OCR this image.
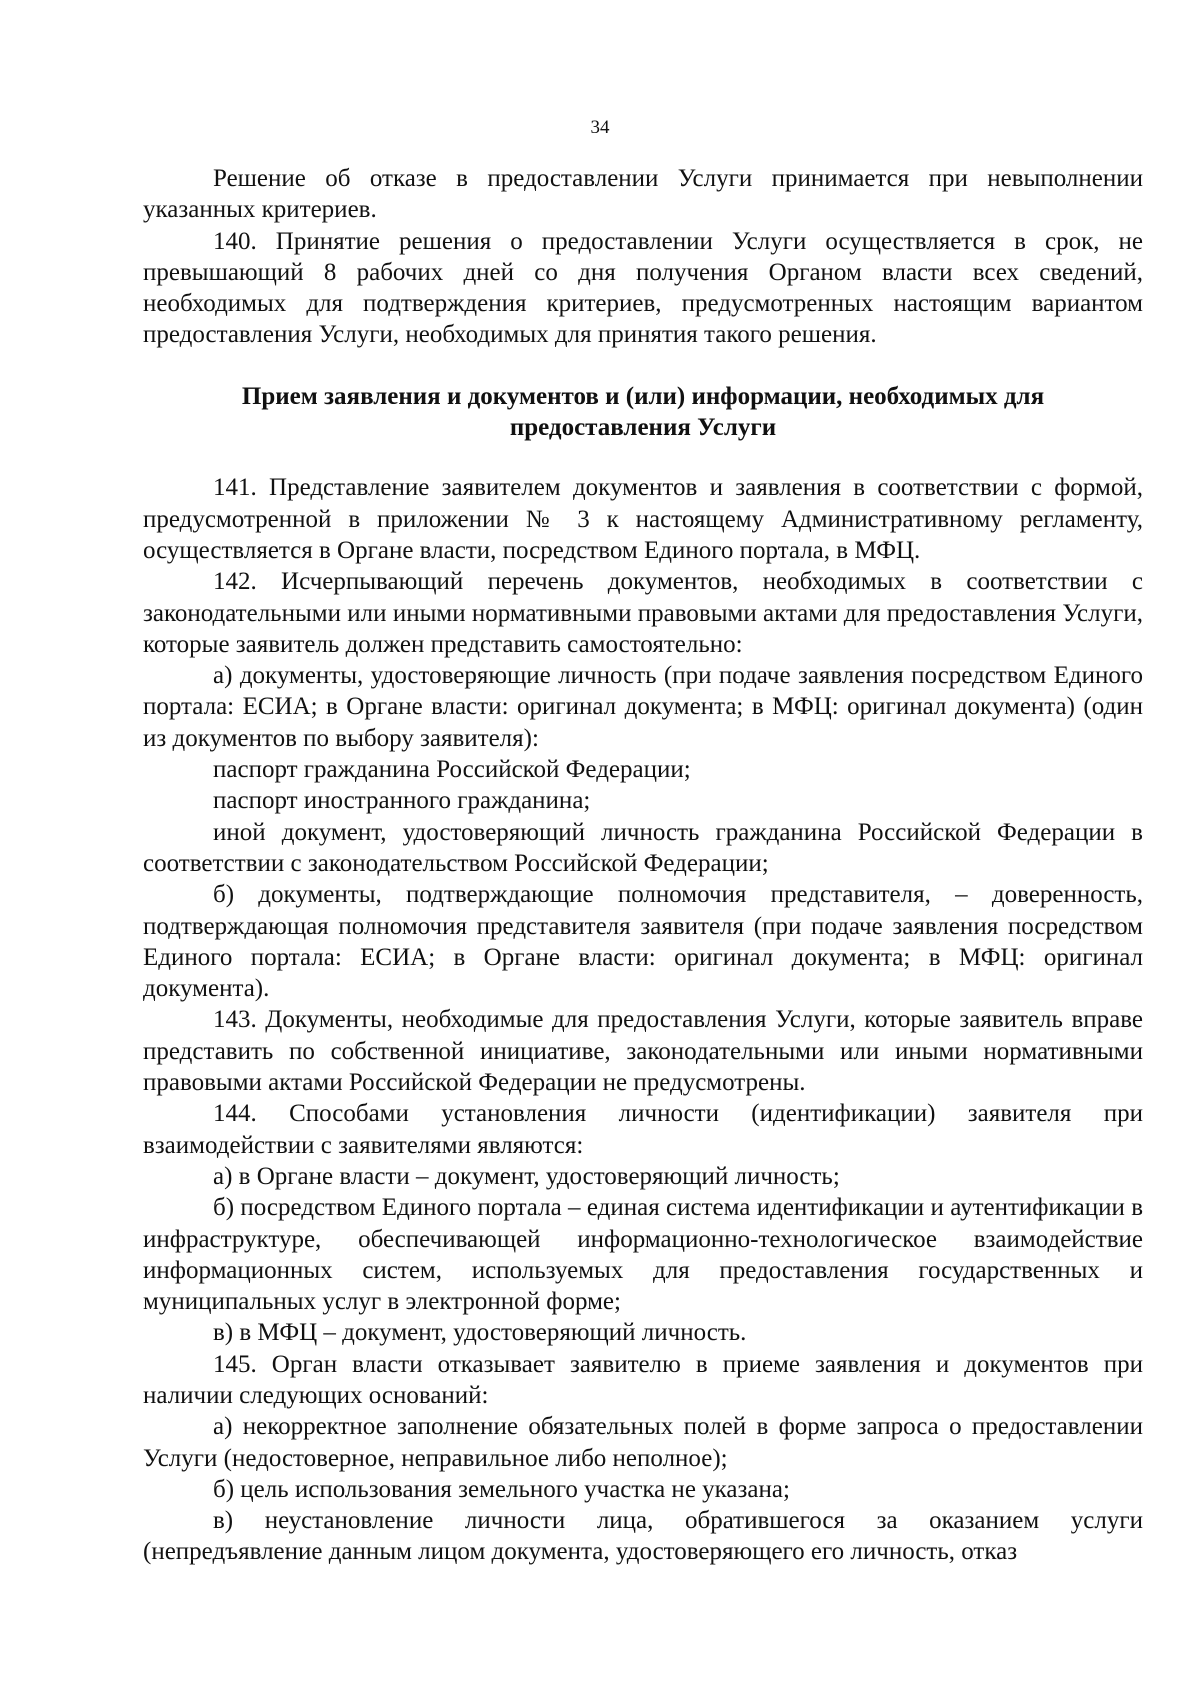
34

Решение об отказе в предоставлении Услуги принимается при невыполнении указанных критериев.

140. Принятие решения о предоставлении Услуги осуществляется в срок, не превышающий 8 рабочих дней со дня получения Органом власти всех сведений, необходимых для подтверждения критериев, предусмотренных настоящим вариантом предоставления Услуги, необходимых для принятия такого решения.

Прием заявления и документов и (или) информации, необходимых для
предоставления Услуги

141. Представление заявителем документов и заявления в соответствии с формой, предусмотренной в приложении № 3 к настоящему Административному регламенту, осуществляется в Органе власти, посредством Единого портала, в МФЦ.

142. Исчерпывающий перечень документов, необходимых в соответствии с законодательными или иными нормативными правовыми актами для предоставления Услуги, которые заявитель должен представить самостоятельно:

а) документы, удостоверяющие личность (при подаче заявления посредством Единого портала: ЕСИА; в Органе власти: оригинал документа; в МФЦ: оригинал документа) (один из документов по выбору заявителя):

паспорт гражданина Российской Федерации;

паспорт иностранного гражданина;

иной документ, удостоверяющий личность гражданина Российской Федерации в соответствии с законодательством Российской Федерации;

б) документы, подтверждающие полномочия представителя, – доверенность, подтверждающая полномочия представителя заявителя (при подаче заявления посредством Единого портала: ЕСИА; в Органе власти: оригинал документа; в МФЦ: оригинал документа).

143. Документы, необходимые для предоставления Услуги, которые заявитель вправе представить по собственной инициативе, законодательными или иными нормативными правовыми актами Российской Федерации не предусмотрены.

144. Способами установления личности (идентификации) заявителя при взаимодействии с заявителями являются:

а) в Органе власти – документ, удостоверяющий личность;

б) посредством Единого портала – единая система идентификации и аутентификации в инфраструктуре, обеспечивающей информационно-технологическое взаимодействие информационных систем, используемых для предоставления государственных и муниципальных услуг в электронной форме;

в) в МФЦ – документ, удостоверяющий личность.

145. Орган власти отказывает заявителю в приеме заявления и документов при наличии следующих оснований:

а) некорректное заполнение обязательных полей в форме запроса о предоставлении Услуги (недостоверное, неправильное либо неполное);

б) цель использования земельного участка не указана;

в) неустановление личности лица, обратившегося за оказанием услуги (непредъявление данным лицом документа, удостоверяющего его личность, отказ
